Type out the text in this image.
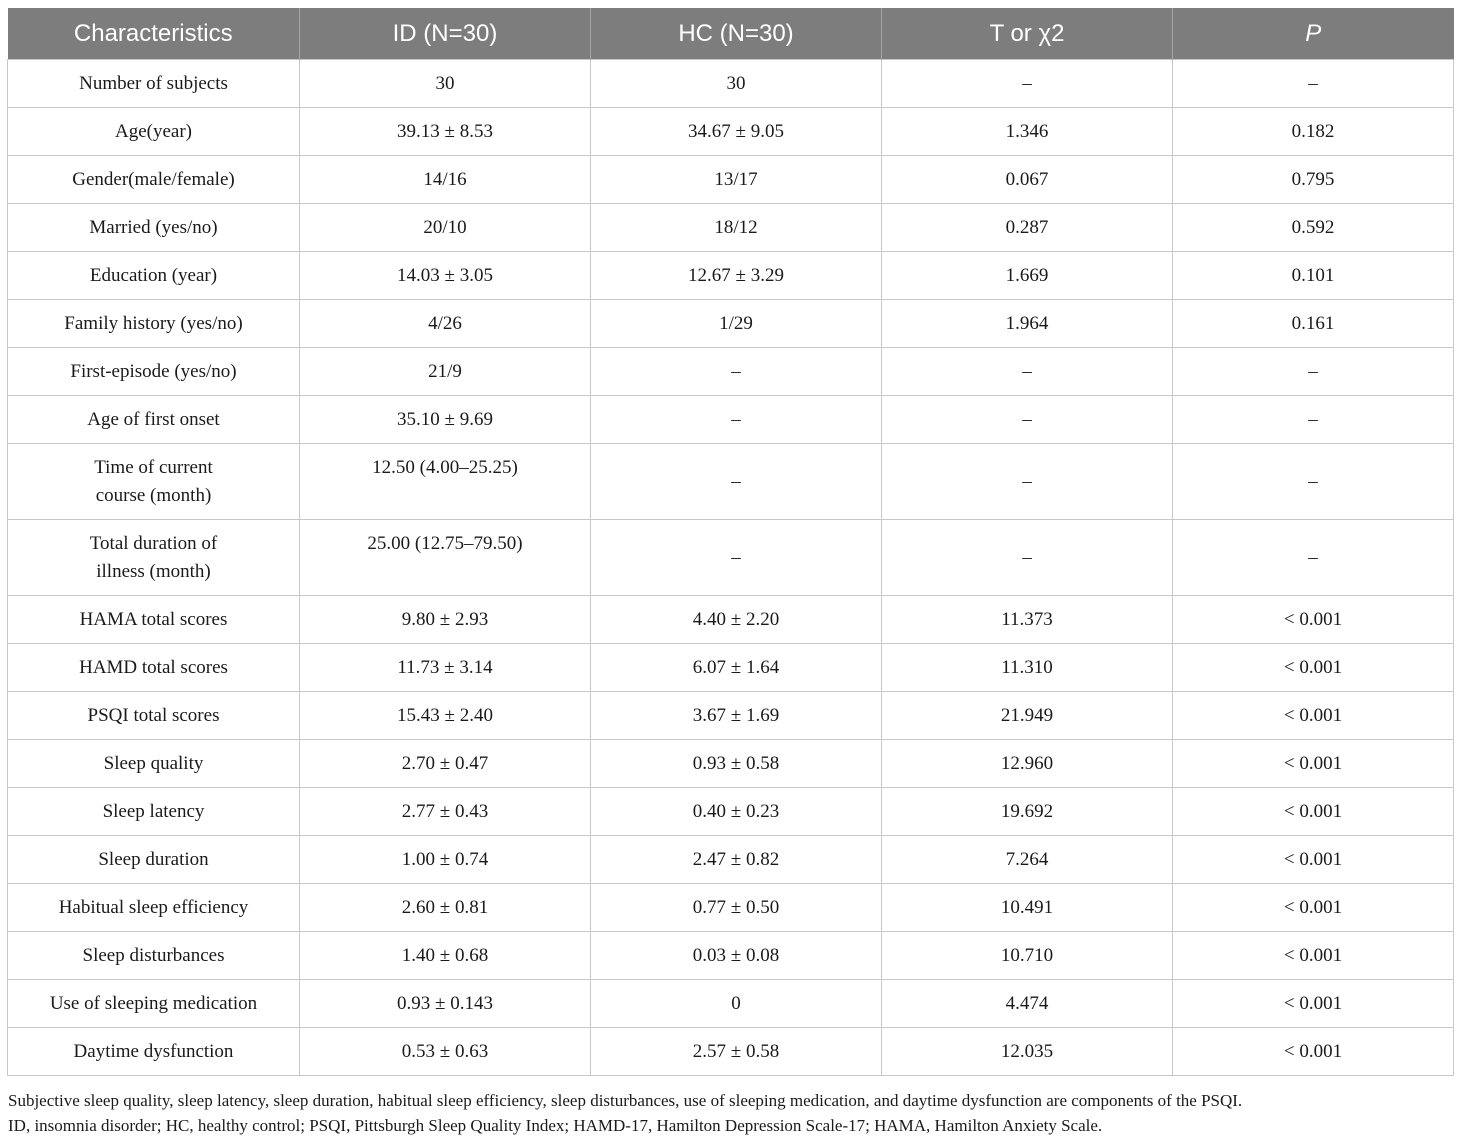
Characteristics	ID (N=30)	HC (N=30)	T or χ2	P
Number of subjects	30	30	–	–
Age(year)	39.13 ± 8.53	34.67 ± 9.05	1.346	0.182
Gender(male/female)	14/16	13/17	0.067	0.795
Married (yes/no)	20/10	18/12	0.287	0.592
Education (year)	14.03 ± 3.05	12.67 ± 3.29	1.669	0.101
Family history (yes/no)	4/26	1/29	1.964	0.161
First-episode (yes/no)	21/9	–	–	–
Age of first onset	35.10 ± 9.69	–	–	–
Time of current
course (month)	12.50 (4.00–25.25)	–	–	–
Total duration of
illness (month)	25.00 (12.75–79.50)	–	–	–
HAMA total scores	9.80 ± 2.93	4.40 ± 2.20	11.373	< 0.001
HAMD total scores	11.73 ± 3.14	6.07 ± 1.64	11.310	< 0.001
PSQI total scores	15.43 ± 2.40	3.67 ± 1.69	21.949	< 0.001
Sleep quality	2.70 ± 0.47	0.93 ± 0.58	12.960	< 0.001
Sleep latency	2.77 ± 0.43	0.40 ± 0.23	19.692	< 0.001
Sleep duration	1.00 ± 0.74	2.47 ± 0.82	7.264	< 0.001
Habitual sleep efficiency	2.60 ± 0.81	0.77 ± 0.50	10.491	< 0.001
Sleep disturbances	1.40 ± 0.68	0.03 ± 0.08	10.710	< 0.001
Use of sleeping medication	0.93 ± 0.143	0	4.474	< 0.001
Daytime dysfunction	0.53 ± 0.63	2.57 ± 0.58	12.035	< 0.001

Subjective sleep quality, sleep latency, sleep duration, habitual sleep efficiency, sleep disturbances, use of sleeping medication, and daytime dysfunction are components of the PSQI.

ID, insomnia disorder; HC, healthy control; PSQI, Pittsburgh Sleep Quality Index; HAMD-17, Hamilton Depression Scale-17; HAMA, Hamilton Anxiety Scale.
